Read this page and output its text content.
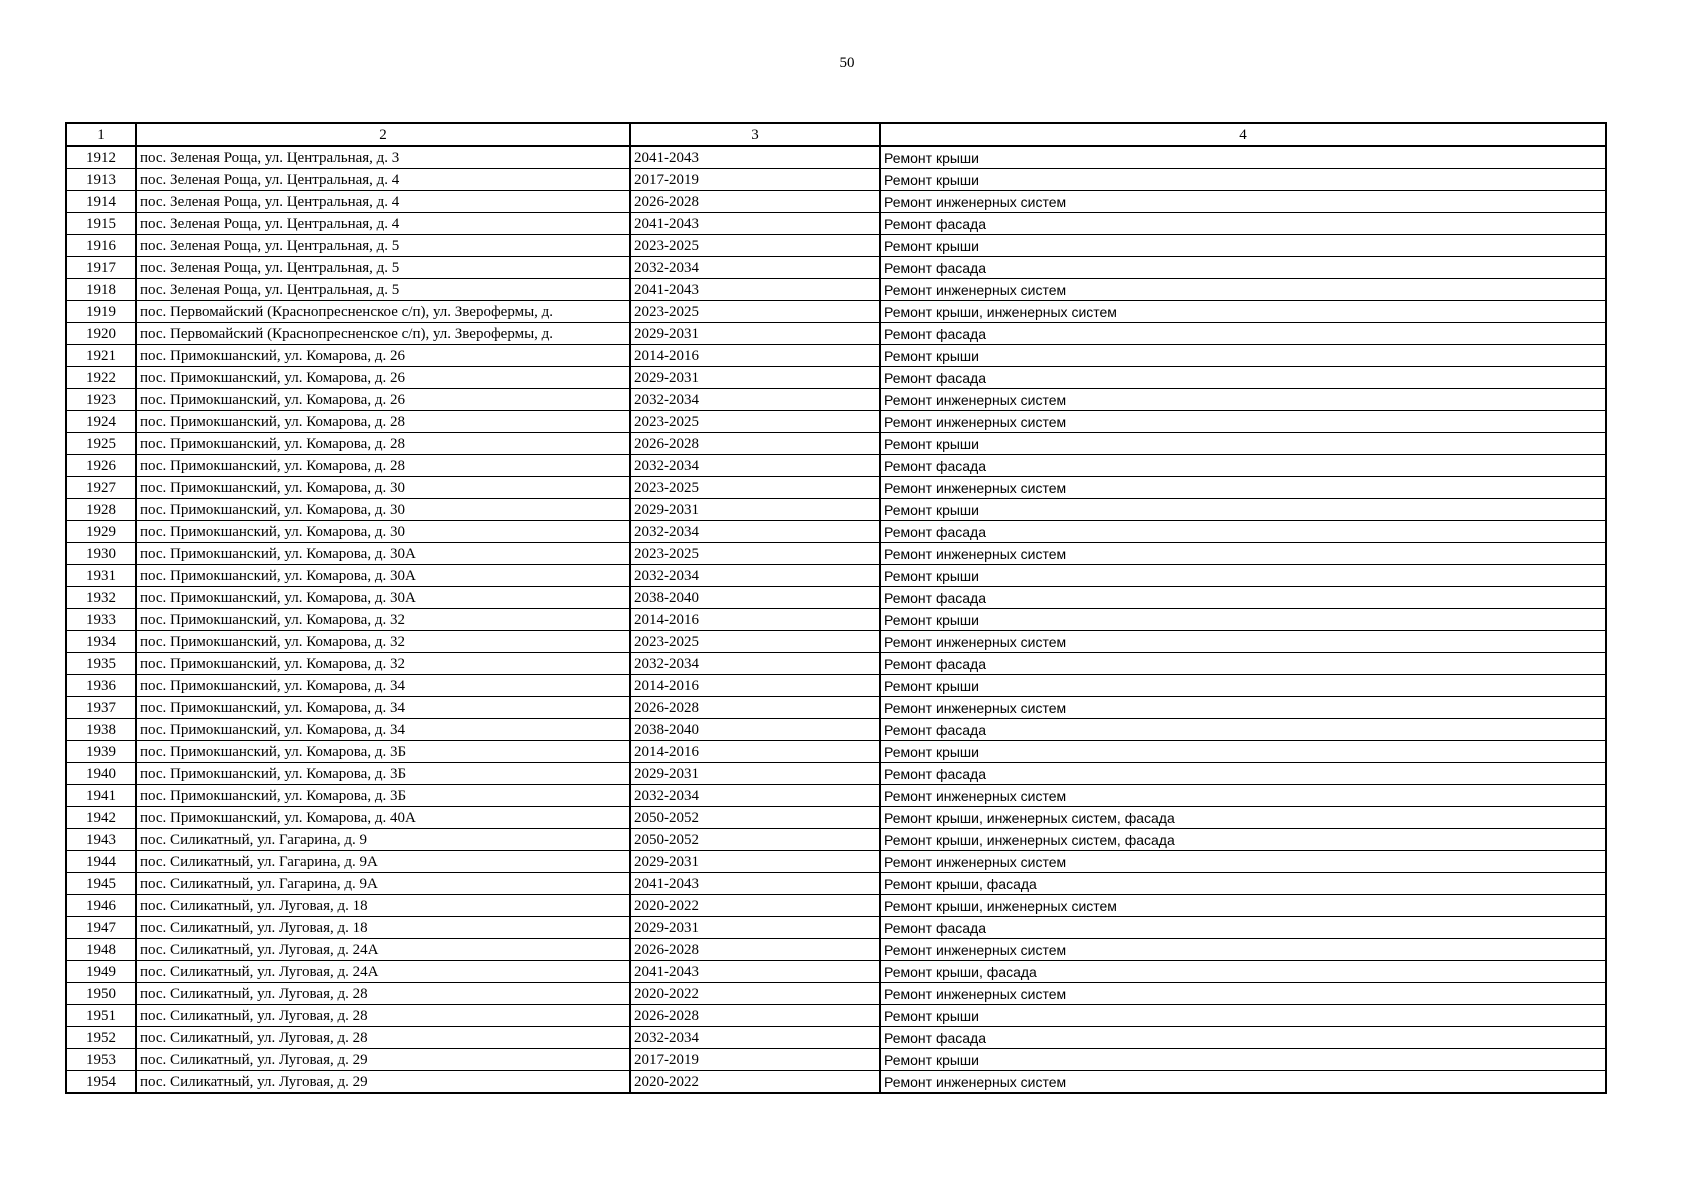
50
1	2	3	4
1912	пос. Зеленая Роща, ул. Центральная, д. 3	2041-2043	Ремонт крыши
1913	пос. Зеленая Роща, ул. Центральная, д. 4	2017-2019	Ремонт крыши
1914	пос. Зеленая Роща, ул. Центральная, д. 4	2026-2028	Ремонт инженерных систем
1915	пос. Зеленая Роща, ул. Центральная, д. 4	2041-2043	Ремонт фасада
1916	пос. Зеленая Роща, ул. Центральная, д. 5	2023-2025	Ремонт крыши
1917	пос. Зеленая Роща, ул. Центральная, д. 5	2032-2034	Ремонт фасада
1918	пос. Зеленая Роща, ул. Центральная, д. 5	2041-2043	Ремонт инженерных систем
1919	пос. Первомайский (Краснопресненское с/п), ул. Зверофермы, д.	2023-2025	Ремонт крыши, инженерных систем
1920	пос. Первомайский (Краснопресненское с/п), ул. Зверофермы, д.	2029-2031	Ремонт фасада
1921	пос. Примокшанский, ул. Комарова, д. 26	2014-2016	Ремонт крыши
1922	пос. Примокшанский, ул. Комарова, д. 26	2029-2031	Ремонт фасада
1923	пос. Примокшанский, ул. Комарова, д. 26	2032-2034	Ремонт инженерных систем
1924	пос. Примокшанский, ул. Комарова, д. 28	2023-2025	Ремонт инженерных систем
1925	пос. Примокшанский, ул. Комарова, д. 28	2026-2028	Ремонт крыши
1926	пос. Примокшанский, ул. Комарова, д. 28	2032-2034	Ремонт фасада
1927	пос. Примокшанский, ул. Комарова, д. 30	2023-2025	Ремонт инженерных систем
1928	пос. Примокшанский, ул. Комарова, д. 30	2029-2031	Ремонт крыши
1929	пос. Примокшанский, ул. Комарова, д. 30	2032-2034	Ремонт фасада
1930	пос. Примокшанский, ул. Комарова, д. 30А	2023-2025	Ремонт инженерных систем
1931	пос. Примокшанский, ул. Комарова, д. 30А	2032-2034	Ремонт крыши
1932	пос. Примокшанский, ул. Комарова, д. 30А	2038-2040	Ремонт фасада
1933	пос. Примокшанский, ул. Комарова, д. 32	2014-2016	Ремонт крыши
1934	пос. Примокшанский, ул. Комарова, д. 32	2023-2025	Ремонт инженерных систем
1935	пос. Примокшанский, ул. Комарова, д. 32	2032-2034	Ремонт фасада
1936	пос. Примокшанский, ул. Комарова, д. 34	2014-2016	Ремонт крыши
1937	пос. Примокшанский, ул. Комарова, д. 34	2026-2028	Ремонт инженерных систем
1938	пос. Примокшанский, ул. Комарова, д. 34	2038-2040	Ремонт фасада
1939	пос. Примокшанский, ул. Комарова, д. 3Б	2014-2016	Ремонт крыши
1940	пос. Примокшанский, ул. Комарова, д. 3Б	2029-2031	Ремонт фасада
1941	пос. Примокшанский, ул. Комарова, д. 3Б	2032-2034	Ремонт инженерных систем
1942	пос. Примокшанский, ул. Комарова, д. 40А	2050-2052	Ремонт крыши, инженерных систем, фасада
1943	пос. Силикатный, ул. Гагарина, д. 9	2050-2052	Ремонт крыши, инженерных систем, фасада
1944	пос. Силикатный, ул. Гагарина, д. 9А	2029-2031	Ремонт инженерных систем
1945	пос. Силикатный, ул. Гагарина, д. 9А	2041-2043	Ремонт крыши, фасада
1946	пос. Силикатный, ул. Луговая, д. 18	2020-2022	Ремонт крыши, инженерных систем
1947	пос. Силикатный, ул. Луговая, д. 18	2029-2031	Ремонт фасада
1948	пос. Силикатный, ул. Луговая, д. 24А	2026-2028	Ремонт инженерных систем
1949	пос. Силикатный, ул. Луговая, д. 24А	2041-2043	Ремонт крыши, фасада
1950	пос. Силикатный, ул. Луговая, д. 28	2020-2022	Ремонт инженерных систем
1951	пос. Силикатный, ул. Луговая, д. 28	2026-2028	Ремонт крыши
1952	пос. Силикатный, ул. Луговая, д. 28	2032-2034	Ремонт фасада
1953	пос. Силикатный, ул. Луговая, д. 29	2017-2019	Ремонт крыши
1954	пос. Силикатный, ул. Луговая, д. 29	2020-2022	Ремонт инженерных систем
